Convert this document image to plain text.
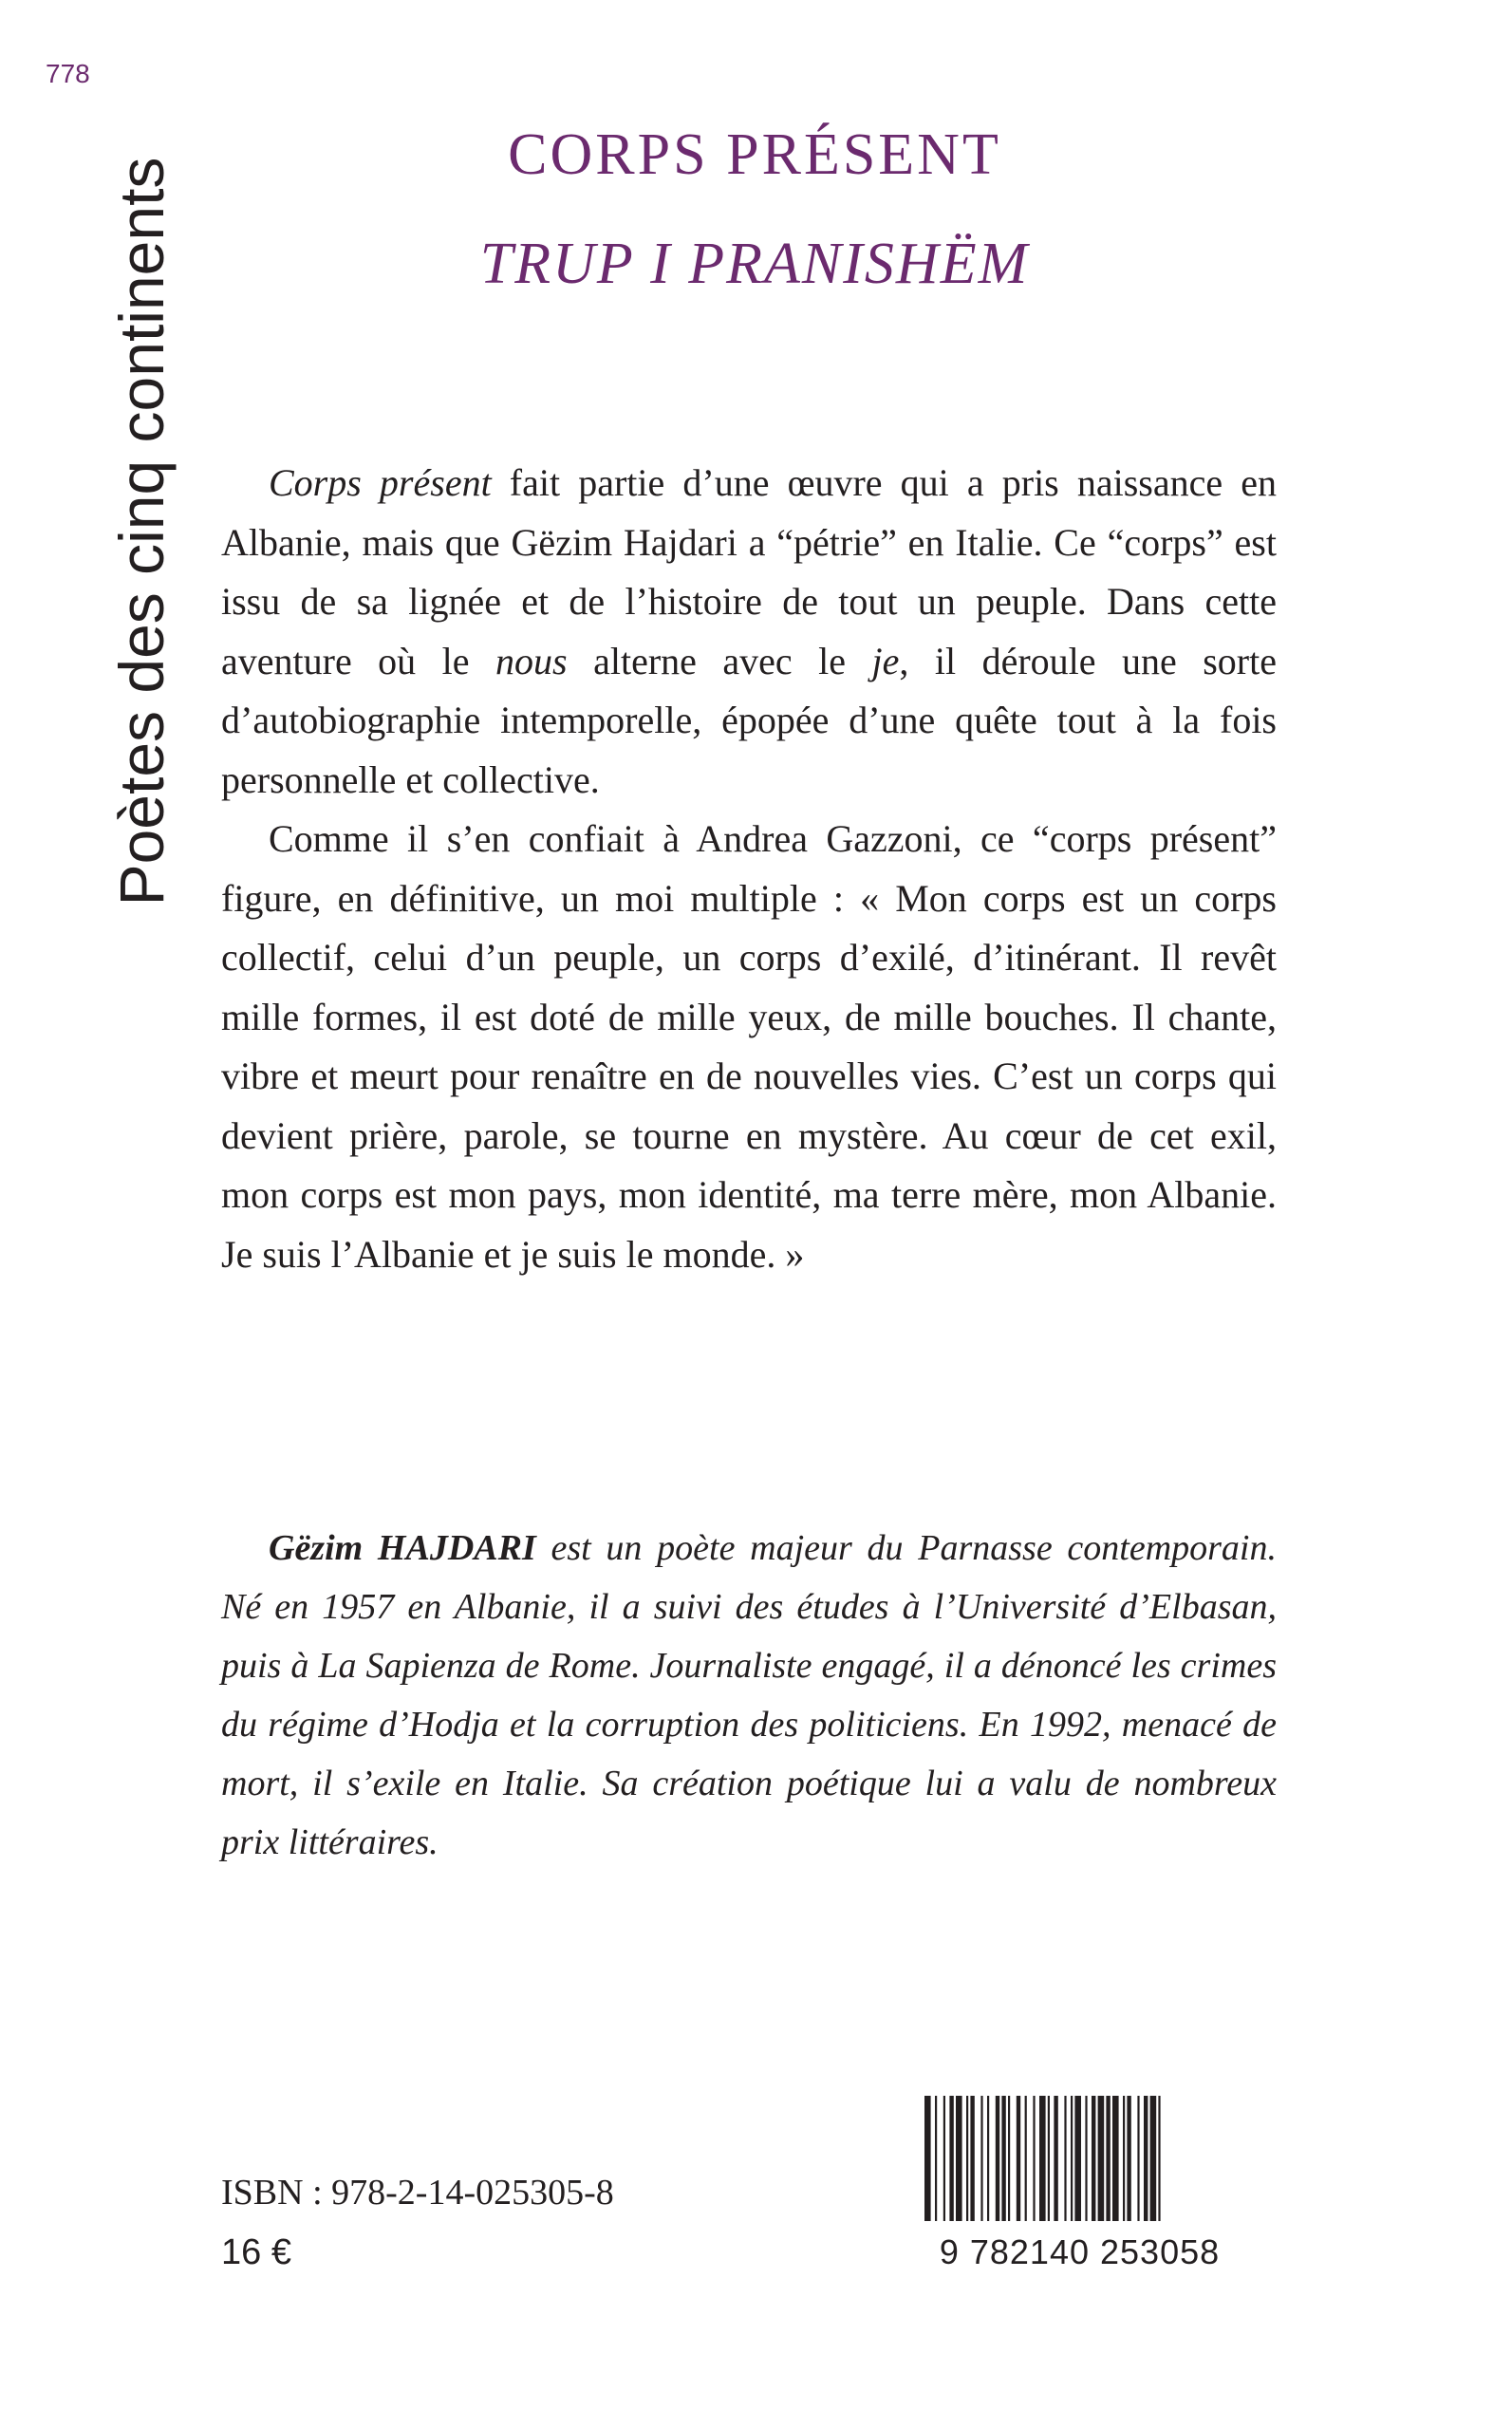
778
Poètes des cinq continents
CORPS PRÉSENT
TRUP I PRANISHËM

Corps présent fait partie d’une œuvre qui a pris naissance en Albanie, mais que Gëzim Hajdari a “pétrie” en Italie. Ce “corps” est issu de sa lignée et de l’histoire de tout un peuple. Dans cette aventure où le nous alterne avec le je, il déroule une sorte d’autobiographie intemporelle, épopée d’une quête tout à la fois personnelle et collective.

Comme il s’en confiait à Andrea Gazzoni, ce “corps présent” figure, en définitive, un moi multiple : « Mon corps est un corps collectif, celui d’un peuple, un corps d’exilé, d’itinérant. Il revêt mille formes, il est doté de mille yeux, de mille bouches. Il chante, vibre et meurt pour renaître en de nouvelles vies. C’est un corps qui devient prière, parole, se tourne en mystère. Au cœur de cet exil, mon corps est mon pays, mon identité, ma terre mère, mon Albanie. Je suis l’Albanie et je suis le monde. »

Gëzim HAJDARI est un poète majeur du Parnasse contemporain. Né en 1957 en Albanie, il a suivi des études à l’Université d’Elbasan, puis à La Sapienza de Rome. Journaliste engagé, il a dénoncé les crimes du régime d’Hodja et la corruption des politiciens. En 1992, menacé de mort, il s’exile en Italie. Sa création poétique lui a valu de nombreux prix littéraires.

ISBN : 978-2-14-025305-8
16 €	9 782140 253058
